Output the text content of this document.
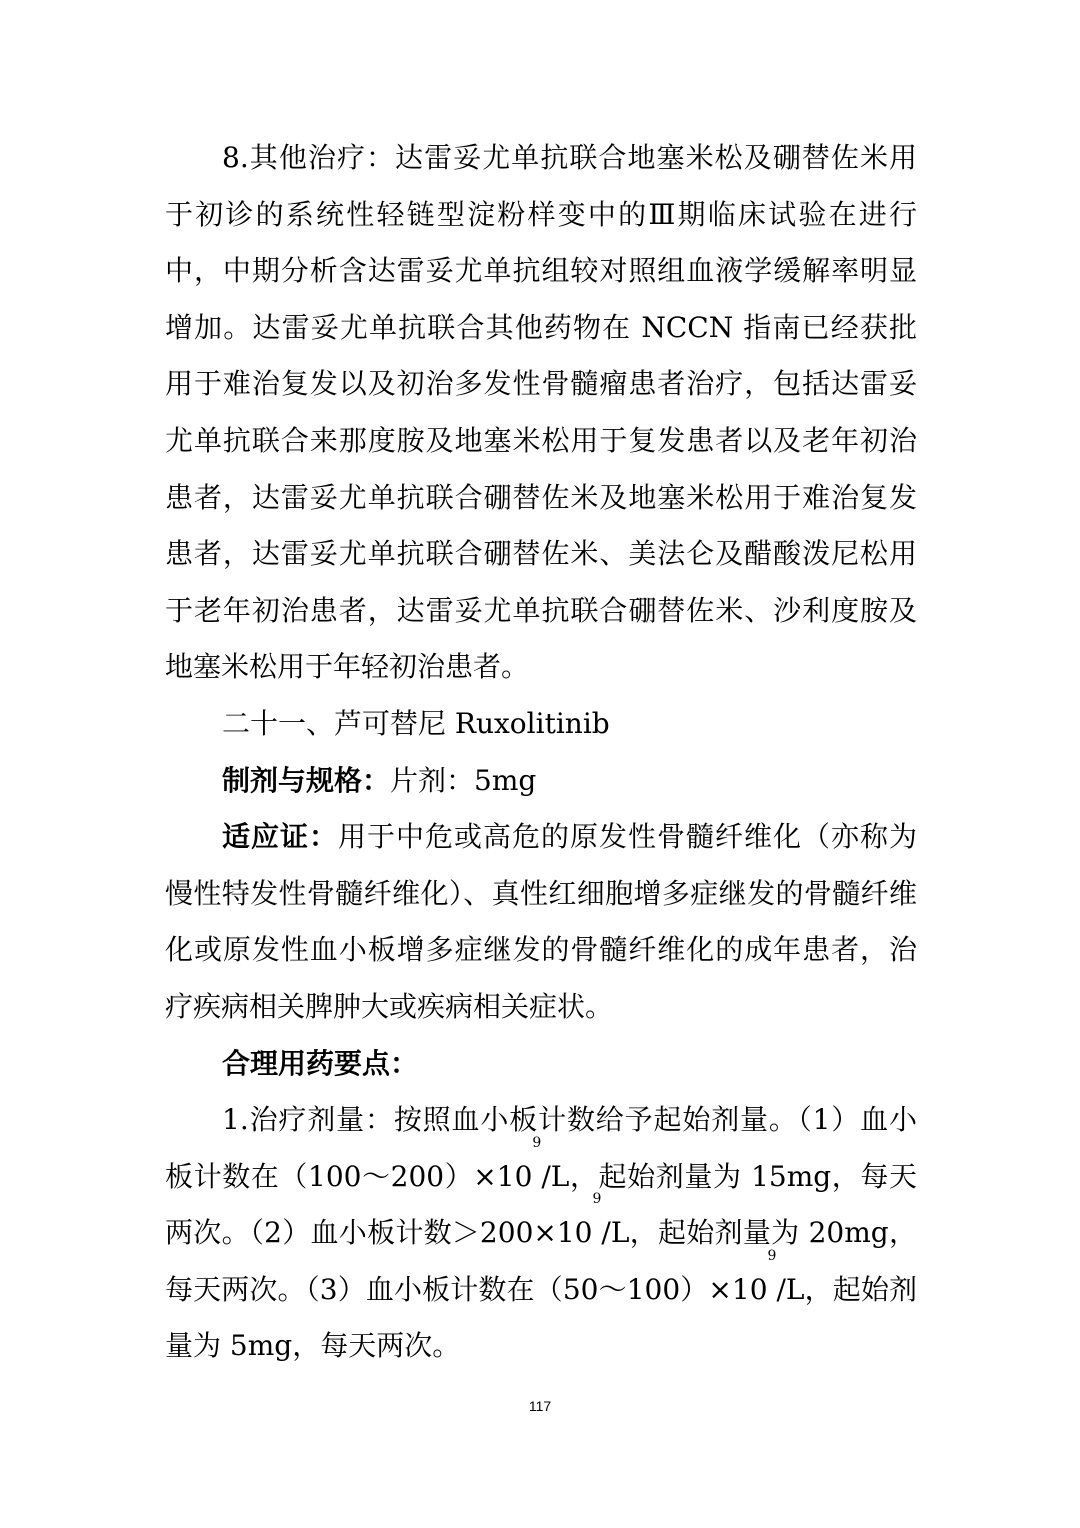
8.其他治疗：达雷妥尤单抗联合地塞米松及硼替佐米用于初诊的系统性轻链型淀粉样变中的Ⅲ期临床试验在进行中，中期分析含达雷妥尤单抗组较对照组血液学缓解率明显增加。达雷妥尤单抗联合其他药物在 NCCN 指南已经获批用于难治复发以及初治多发性骨髓瘤患者治疗，包括达雷妥尤单抗联合来那度胺及地塞米松用于复发患者以及老年初治患者，达雷妥尤单抗联合硼替佐米及地塞米松用于难治复发患者，达雷妥尤单抗联合硼替佐米、美法仑及醋酸泼尼松用于老年初治患者，达雷妥尤单抗联合硼替佐米、沙利度胺及地塞米松用于年轻初治患者。

二十一、芦可替尼 Ruxolitinib

制剂与规格：片剂：5mg

适应证：用于中危或高危的原发性骨髓纤维化（亦称为慢性特发性骨髓纤维化）、真性红细胞增多症继发的骨髓纤维化或原发性血小板增多症继发的骨髓纤维化的成年患者，治疗疾病相关脾肿大或疾病相关症状。

合理用药要点：

1.治疗剂量：按照血小板计数给予起始剂量。（1）血小板计数在$(100\sim 200)\times 10^9/L$，起始剂量为 15mg，每天两次。（2）血小板计数$>200\times 10^9/L$，起始剂量为 20mg，每天两次。（3）血小板计数在$(50\sim 100)\times 10^9/L$，起始剂量为 5mg，每天两次。

117
